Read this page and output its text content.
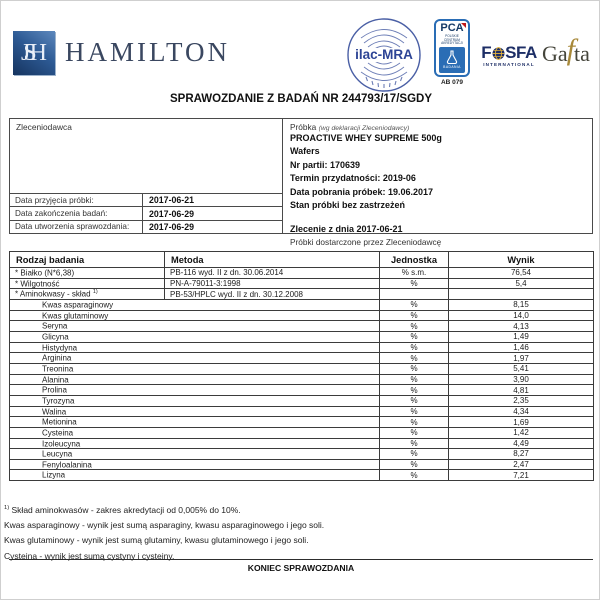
JSH HAMILTON	ilac-MRA
PCA
POLSKIE CENTRUM AKREDYTACJI
BADANIA
AB 079
F SFA
INTERNATIONAL Ga f ta
SPRAWOZDANIE Z BADAŃ NR 244793/17/SGDY
Zleceniodawca
Data przyjęcia próbki:	2017-06-21
Data zakończenia badań:	2017-06-29
Data utworzenia sprawozdania:	2017-06-29
Próbka (wg deklaracji Zleceniodawcy)
PROACTIVE WHEY SUPREME 500g
Wafers
Nr partii: 170639
Termin przydatności: 2019-06
Data pobrania próbek: 19.06.2017
Stan próbki bez zastrzeżeń
Zlecenie z dnia 2017-06-21
Próbki dostarczone przez Zleceniodawcę
Rodzaj badania	Metoda	Jednostka	Wynik
* Białko (N*6,38)	PB-116 wyd. II z dn. 30.06.2014	% s.m.	76,54
* Wilgotność	PN-A-79011-3:1998	%	5,4
* Aminokwasy - skład $^{1)}$	PB-53/HPLC wyd. II z dn. 30.12.2008		
Kwas asparaginowy		%	8,15
Kwas glutaminowy		%	14,0
Seryna		%	4,13
Glicyna		%	1,49
Histydyna		%	1,46
Arginina		%	1,97
Treonina		%	5,41
Alanina		%	3,90
Prolina		%	4,81
Tyrozyna		%	2,35
Walina		%	4,34
Metionina		%	1,69
Cysteina		%	1,42
Izoleucyna		%	4,49
Leucyna		%	8,27
Fenyloalanina		%	2,47
Lizyna		%	7,21
$^{1)}$ Skład aminokwasów - zakres akredytacji od 0,005% do 10%.
Kwas asparaginowy - wynik jest sumą asparaginy, kwasu asparaginowego i jego soli.
Kwas glutaminowy - wynik jest sumą glutaminy, kwasu glutaminowego i jego soli.
Cysteina - wynik jest sumą cystyny i cysteiny.
KONIEC SPRAWOZDANIA
